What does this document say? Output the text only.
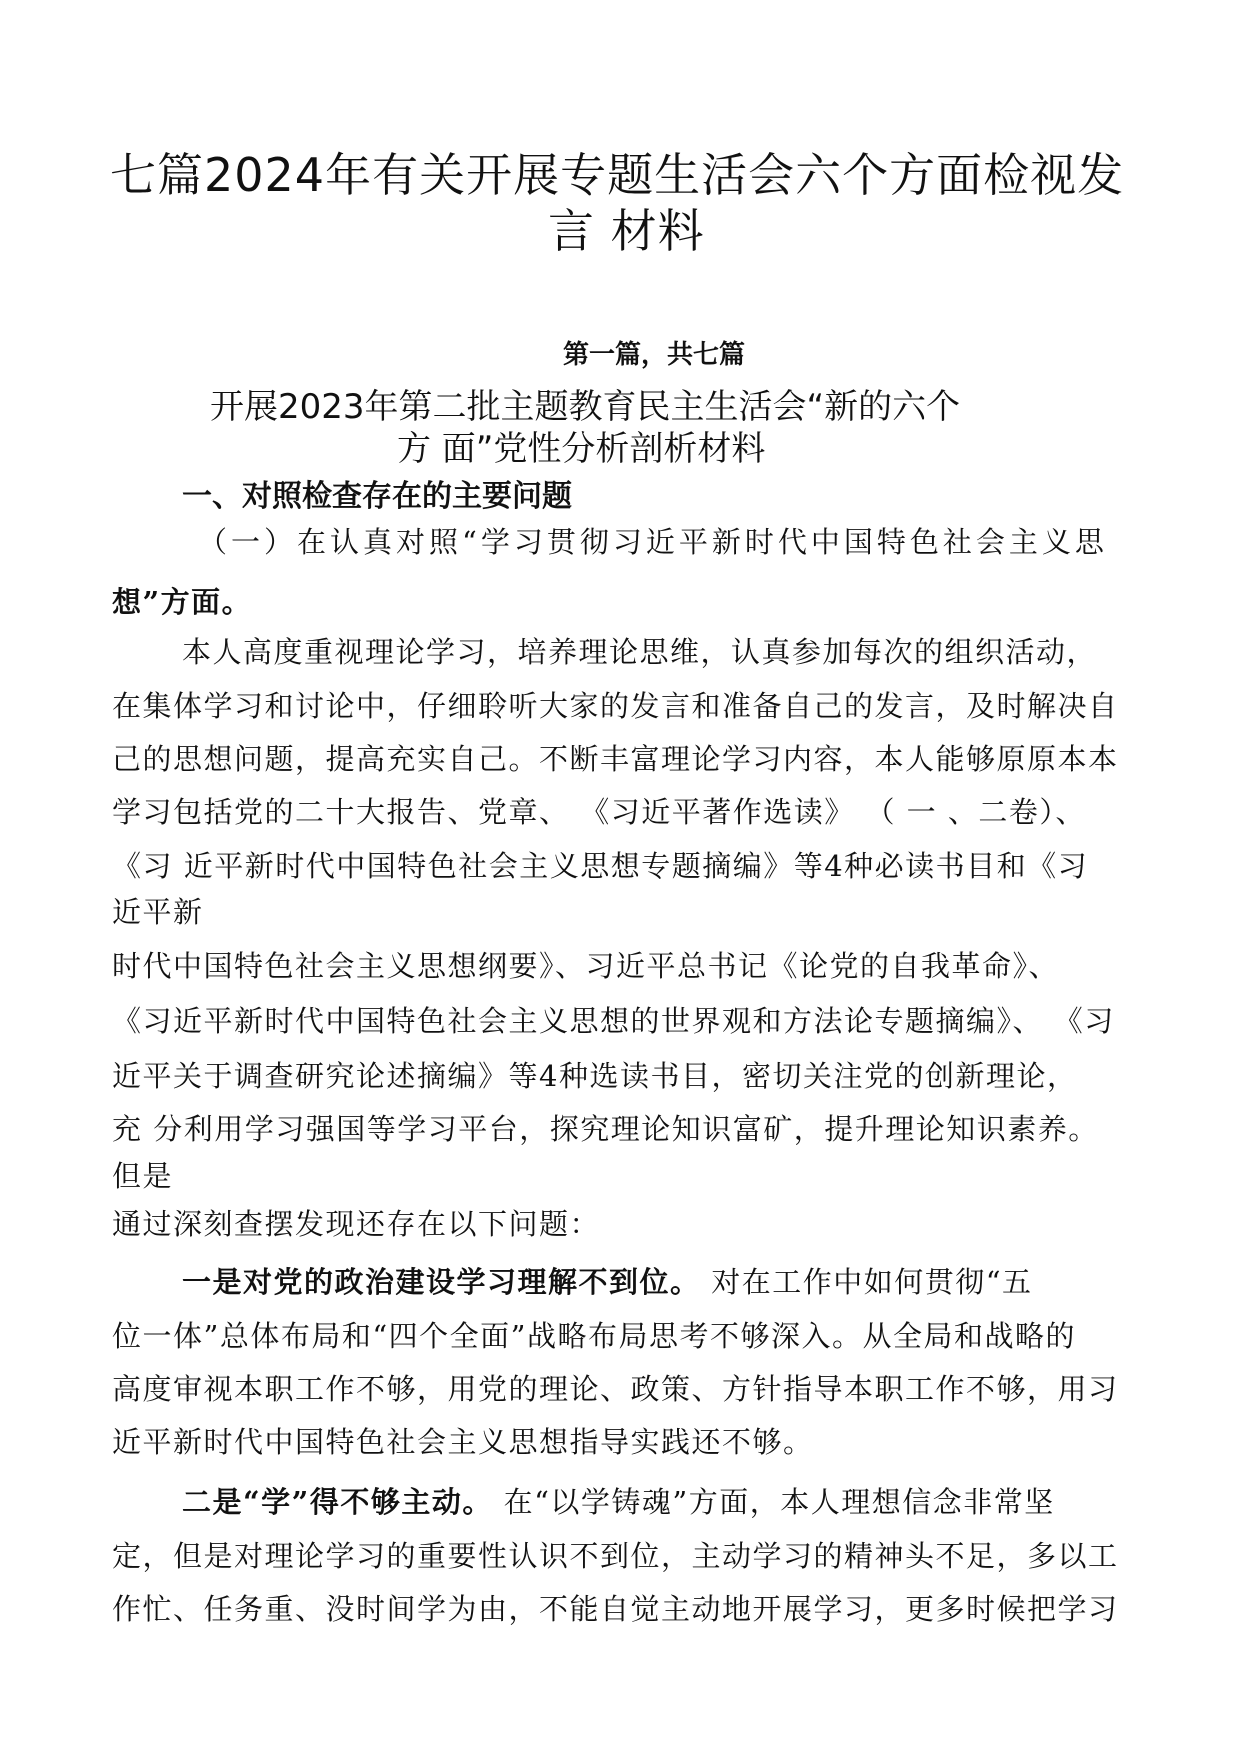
七篇2024年有关开展专题生活会六个方面检视发
言 材料
第一篇，共七篇
开展2023年第二批主题教育民主生活会“新的六个
方 面”党性分析剖析材料
一、对照检查存在的主要问题
（一）在认真对照“学习贯彻习近平新时代中国特色社会主义思
想”方面。
本人高度重视理论学习，培养理论思维，认真参加每次的组织活动，
在集体学习和讨论中，仔细聆听大家的发言和准备自己的发言，及时解决自
己的思想问题，提高充实自己。不断丰富理论学习内容，本人能够原原本本
学习包括党的二十大报告、党章、 《习近平著作选读》 （ 一 、二卷）、
《习 近平新时代中国特色社会主义思想专题摘编》等4种必读书目和《习
近平新
时代中国特色社会主义思想纲要》、习近平总书记《论党的自我革命》、
《习近平新时代中国特色社会主义思想的世界观和方法论专题摘编》、 《习
近平关于调查研究论述摘编》等4种选读书目，密切关注党的创新理论，
充 分利用学习强国等学习平台，探究理论知识富矿，提升理论知识素养。
但是
通过深刻查摆发现还存在以下问题：
一是对党的政治建设学习理解不到位。 对在工作中如何贯彻“五
位一体”总体布局和“四个全面”战略布局思考不够深入。从全局和战略的
高度审视本职工作不够，用党的理论、政策、方针指导本职工作不够，用习
近平新时代中国特色社会主义思想指导实践还不够。
二是“学”得不够主动。 在“以学铸魂”方面，本人理想信念非常坚
定，但是对理论学习的重要性认识不到位，主动学习的精神头不足，多以工
作忙、任务重、没时间学为由，不能自觉主动地开展学习，更多时候把学习
